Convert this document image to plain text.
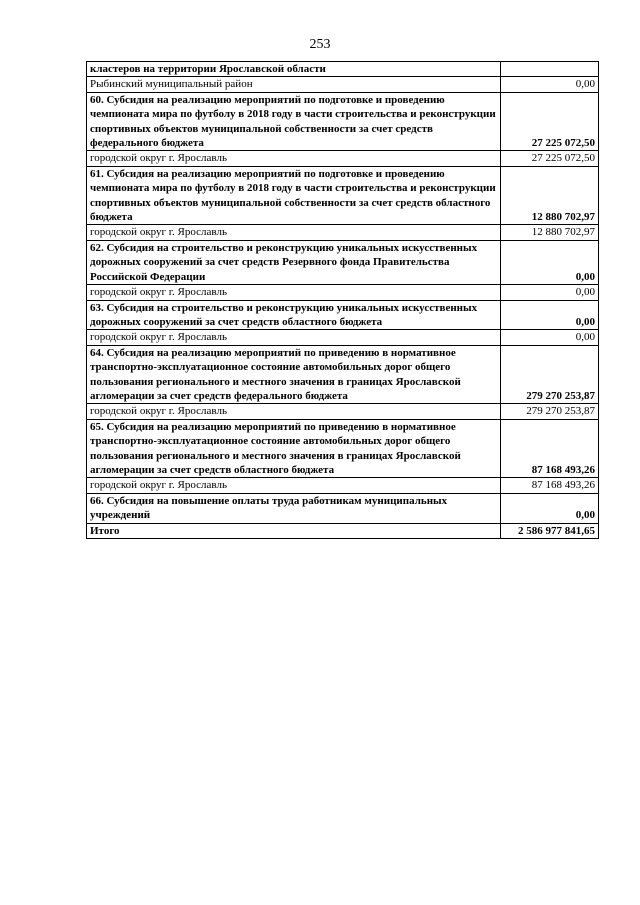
253
кластеров на территории Ярославской области	
Рыбинский муниципальный район	0,00
60. Субсидия на реализацию мероприятий по подготовке и проведению чемпионата мира по футболу в 2018 году в части строительства и реконструкции спортивных объектов муниципальной собственности за счет средств федерального бюджета	27 225 072,50
городской округ г. Ярославль	27 225 072,50
61. Субсидия на реализацию мероприятий по подготовке и проведению чемпионата мира по футболу в 2018 году в части строительства и реконструкции спортивных объектов муниципальной собственности за счет средств областного бюджета	12 880 702,97
городской округ г. Ярославль	12 880 702,97
62. Субсидия на строительство и реконструкцию уникальных искусственных дорожных сооружений за счет средств Резервного фонда Правительства Российской Федерации	0,00
городской округ г. Ярославль	0,00
63. Субсидия на строительство и реконструкцию уникальных искусственных дорожных сооружений за счет средств областного бюджета	0,00
городской округ г. Ярославль	0,00
64. Субсидия на реализацию мероприятий по приведению в нормативное транспортно-эксплуатационное состояние автомобильных дорог общего пользования регионального и местного значения в границах Ярославской агломерации за счет средств федерального бюджета	279 270 253,87
городской округ г. Ярославль	279 270 253,87
65. Субсидия на реализацию мероприятий по приведению в нормативное транспортно-эксплуатационное состояние автомобильных дорог общего пользования регионального и местного значения в границах Ярославской агломерации за счет средств областного бюджета	87 168 493,26
городской округ г. Ярославль	87 168 493,26
66. Субсидия на повышение оплаты труда работникам муниципальных учреждений	0,00
Итого	2 586 977 841,65
